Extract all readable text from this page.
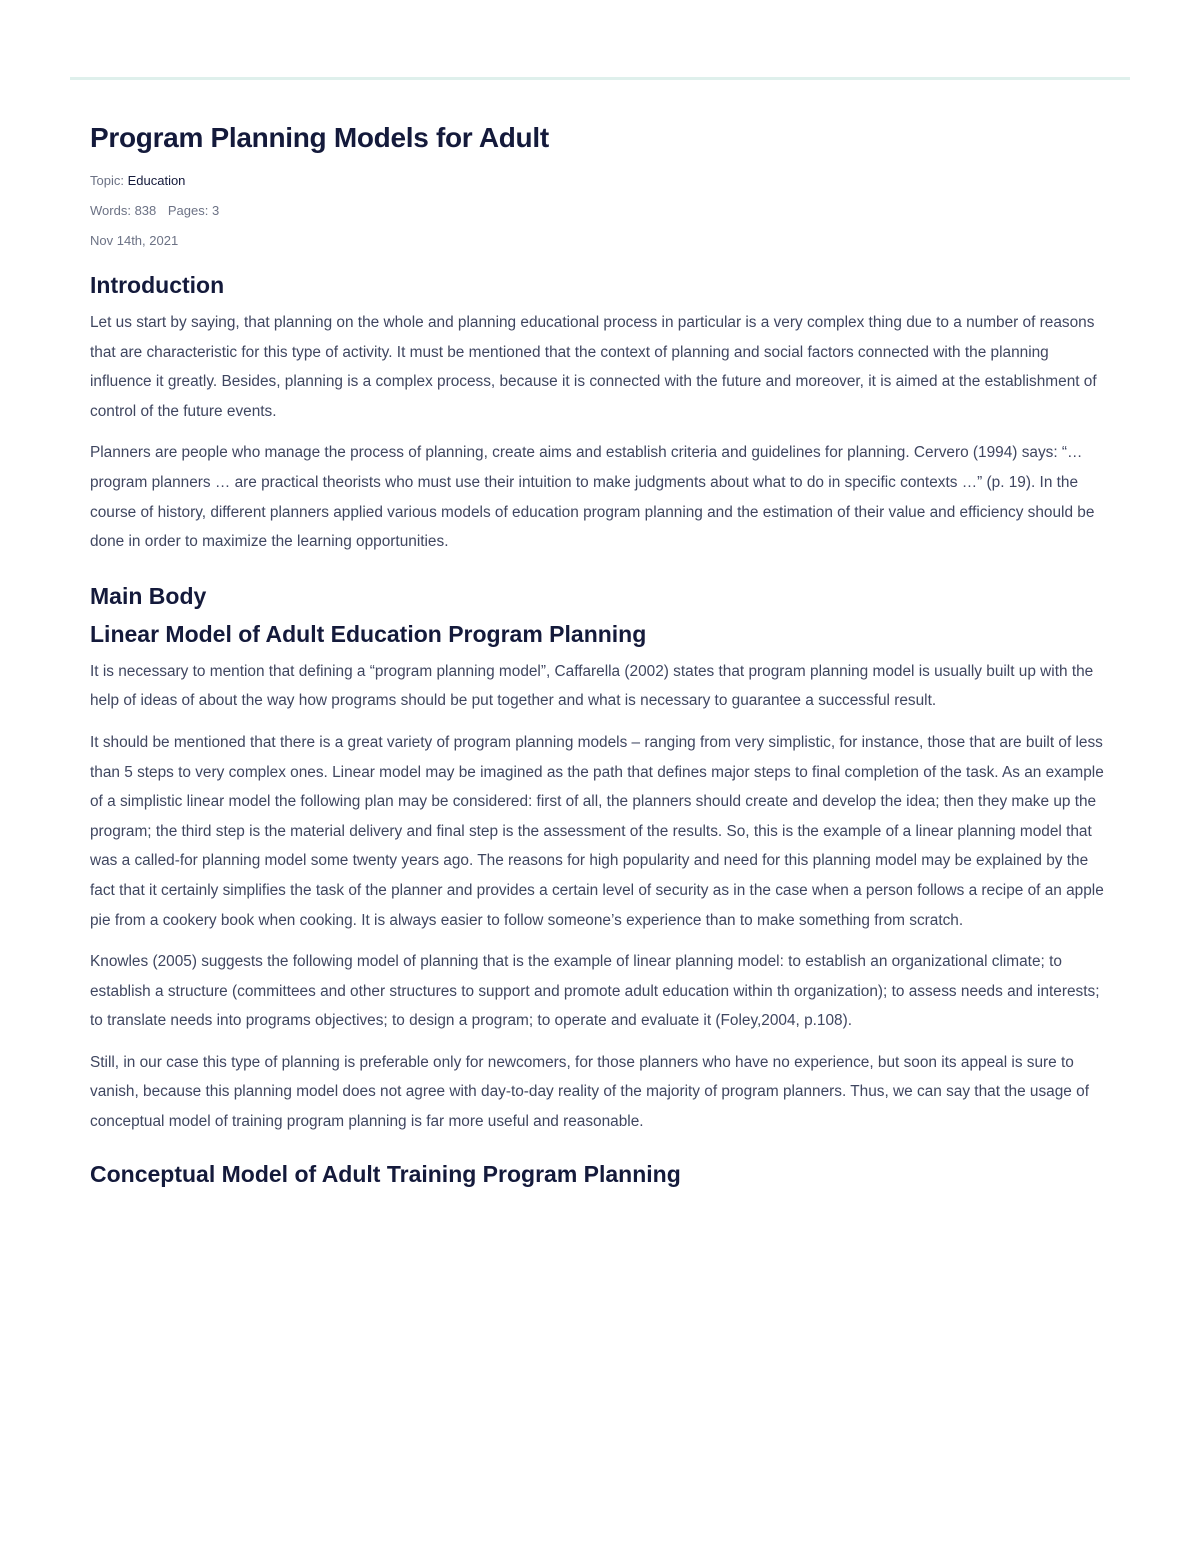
Program Planning Models for Adult
Topic: Education
Words: 838 Pages: 3
Nov 14th, 2021
Introduction

Let us start by saying, that planning on the whole and planning educational process in particular is a very complex thing due to a number of reasons that are characteristic for this type of activity. It must be mentioned that the context of planning and social factors connected with the planning influence it greatly. Besides, planning is a complex process, because it is connected with the future and moreover, it is aimed at the establishment of control of the future events.

Planners are people who manage the process of planning, create aims and establish criteria and guidelines for planning. Cervero (1994) says: “… program planners … are practical theorists who must use their intuition to make judgments about what to do in specific contexts …” (p. 19). In the course of history, different planners applied various models of education program planning and the estimation of their value and efficiency should be done in order to maximize the learning opportunities.

Main Body
Linear Model of Adult Education Program Planning

It is necessary to mention that defining a “program planning model”, Caffarella (2002) states that program planning model is usually built up with the help of ideas of about the way how programs should be put together and what is necessary to guarantee a successful result.

It should be mentioned that there is a great variety of program planning models – ranging from very simplistic, for instance, those that are built of less than 5 steps to very complex ones. Linear model may be imagined as the path that defines major steps to final completion of the task. As an example of a simplistic linear model the following plan may be considered: first of all, the planners should create and develop the idea; then they make up the program; the third step is the material delivery and final step is the assessment of the results. So, this is the example of a linear planning model that was a called-for planning model some twenty years ago. The reasons for high popularity and need for this planning model may be explained by the fact that it certainly simplifies the task of the planner and provides a certain level of security as in the case when a person follows a recipe of an apple pie from a cookery book when cooking. It is always easier to follow someone’s experience than to make something from scratch.

Knowles (2005) suggests the following model of planning that is the example of linear planning model: to establish an organizational climate; to establish a structure (committees and other structures to support and promote adult education within th organization); to assess needs and interests; to translate needs into programs objectives; to design a program; to operate and evaluate it (Foley,2004, p.108).

Still, in our case this type of planning is preferable only for newcomers, for those planners who have no experience, but soon its appeal is sure to vanish, because this planning model does not agree with day-to-day reality of the majority of program planners. Thus, we can say that the usage of conceptual model of training program planning is far more useful and reasonable.

Conceptual Model of Adult Training Program Planning
